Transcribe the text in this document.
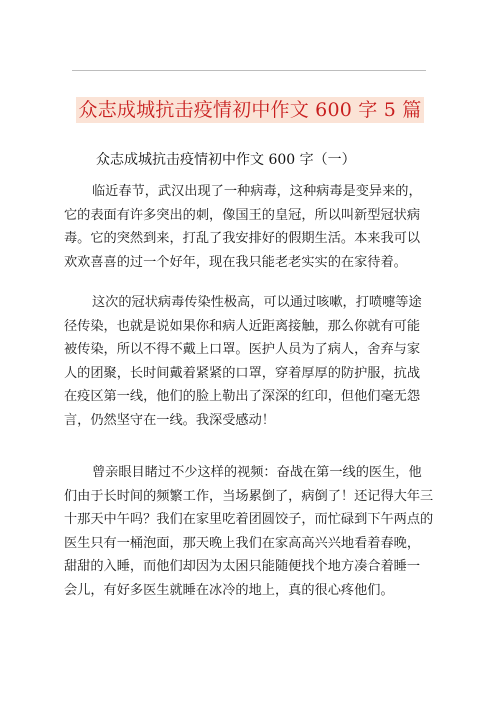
众志成城抗击疫情初中作文 600 字 5 篇
众志成城抗击疫情初中作文 600 字（一）
临近春节，武汉出现了一种病毒，这种病毒是变异来的，
它的表面有许多突出的刺，像国王的皇冠，所以叫新型冠状病
毒。它的突然到来，打乱了我安排好的假期生活。本来我可以
欢欢喜喜的过一个好年，现在我只能老老实实的在家待着。
这次的冠状病毒传染性极高，可以通过咳嗽，打喷嚏等途
径传染，也就是说如果你和病人近距离接触，那么你就有可能
被传染，所以不得不戴上口罩。医护人员为了病人，舍弃与家
人的团聚，长时间戴着紧紧的口罩，穿着厚厚的防护服，抗战
在疫区第一线，他们的脸上勒出了深深的红印，但他们毫无怨
言，仍然坚守在一线。我深受感动！
曾亲眼目睹过不少这样的视频：奋战在第一线的医生，他
们由于长时间的频繁工作，当场累倒了，病倒了！还记得大年三
十那天中午吗？我们在家里吃着团圆饺子，而忙碌到下午两点的
医生只有一桶泡面，那天晚上我们在家高高兴兴地看着春晚，
甜甜的入睡，而他们却因为太困只能随便找个地方凑合着睡一
会儿，有好多医生就睡在冰冷的地上，真的很心疼他们。
